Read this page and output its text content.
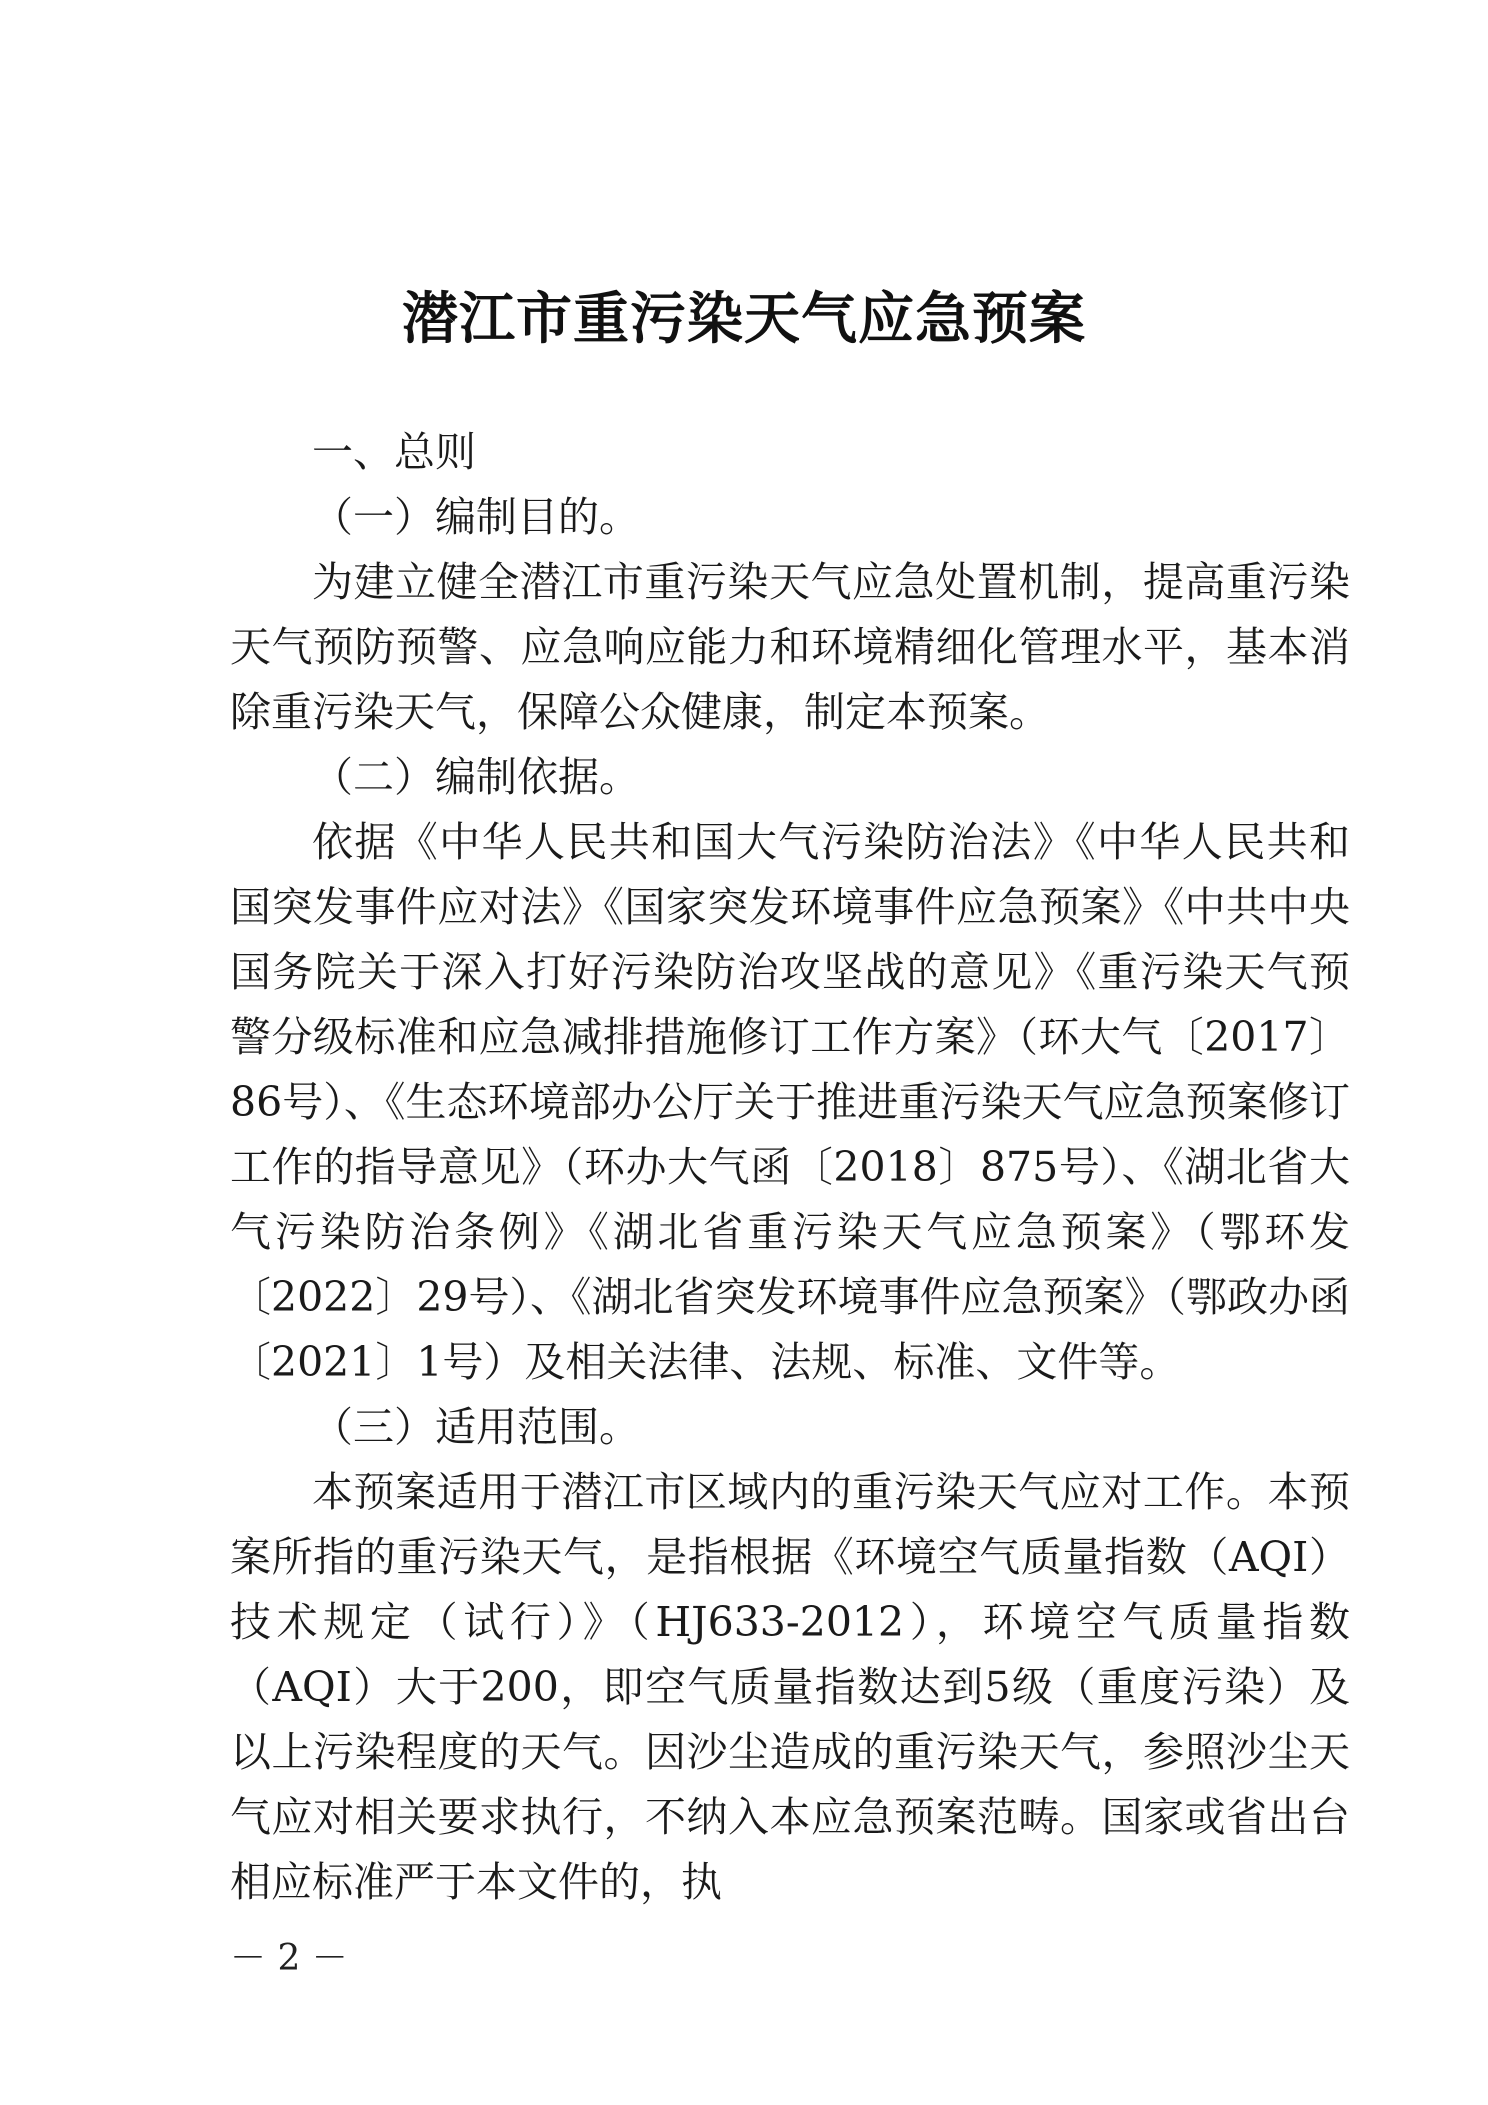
潜江市重污染天气应急预案

一、总则

（一）编制目的。

为建立健全潜江市重污染天气应急处置机制，提高重污染天气预防预警、应急响应能力和环境精细化管理水平，基本消除重污染天气，保障公众健康，制定本预案。

（二）编制依据。

依据《中华人民共和国大气污染防治法》《中华人民共和国突发事件应对法》《国家突发环境事件应急预案》《中共中央国务院关于深入打好污染防治攻坚战的意见》《重污染天气预警分级标准和应急减排措施修订工作方案》（环大气〔2017〕86号）、《生态环境部办公厅关于推进重污染天气应急预案修订工作的指导意见》（环办大气函〔2018〕875号）、《湖北省大气污染防治条例》《湖北省重污染天气应急预案》（鄂环发〔2022〕29号）、《湖北省突发环境事件应急预案》（鄂政办函〔2021〕1号）及相关法律、法规、标准、文件等。

（三）适用范围。

本预案适用于潜江市区域内的重污染天气应对工作。本预案所指的重污染天气，是指根据《环境空气质量指数（AQI）技术规定（试行）》（HJ633-2012），环境空气质量指数（AQI）大于200，即空气质量指数达到5级（重度污染）及以上污染程度的天气。因沙尘造成的重污染天气，参照沙尘天气应对相关要求执行，不纳入本应急预案范畴。国家或省出台相应标准严于本文件的，执

－ 2 －
